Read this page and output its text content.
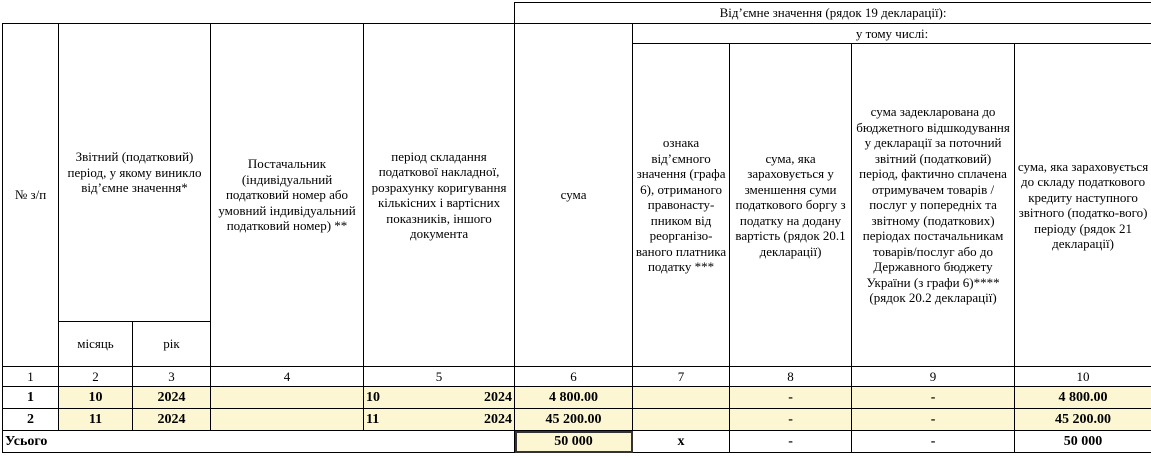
					Від’ємне значення (рядок 19 декларації):				
№ з/п	Звітний (податковий) період, у якому виникло від’ємне значення*		Постачальник (індивідуальний податковий номер або умовний індивідуальний податковий номер) **	період складання податкової накладної, розрахунку коригування кількісних і вартісних показників, іншого документа	сума	у тому числі:			
						ознака від’ємного значення (графа 6), отриманого правонасту-пником від реорганізо-ваного платника податку ***	сума, яка зараховується у зменшення суми податкового боргу з податку на додану вартість (рядок 20.1 декларації)	сума задекларована до бюджетного відшкодування у декларації за поточний звітний (податковий) період, фактично сплачена отримувачем товарів / послуг у попередніх та звітному (податкових) періодах постачальникам товарів/послуг або до Державного бюджету України (з графи 6)**** (рядок 20.2 декларації)	сума, яка зараховується до складу податкового кредиту наступного звітного (податко-вого) періоду (рядок 21 декларації)
	місяць	рік							
1	2	3	4	5	6	7	8	9	10
1	10	2024		10 2024	4 800.00		-	-	4 800.00
2	11	2024		11 2024	45 200.00		-	-	45 200.00
Усього					50 000	x	-	-	50 000
